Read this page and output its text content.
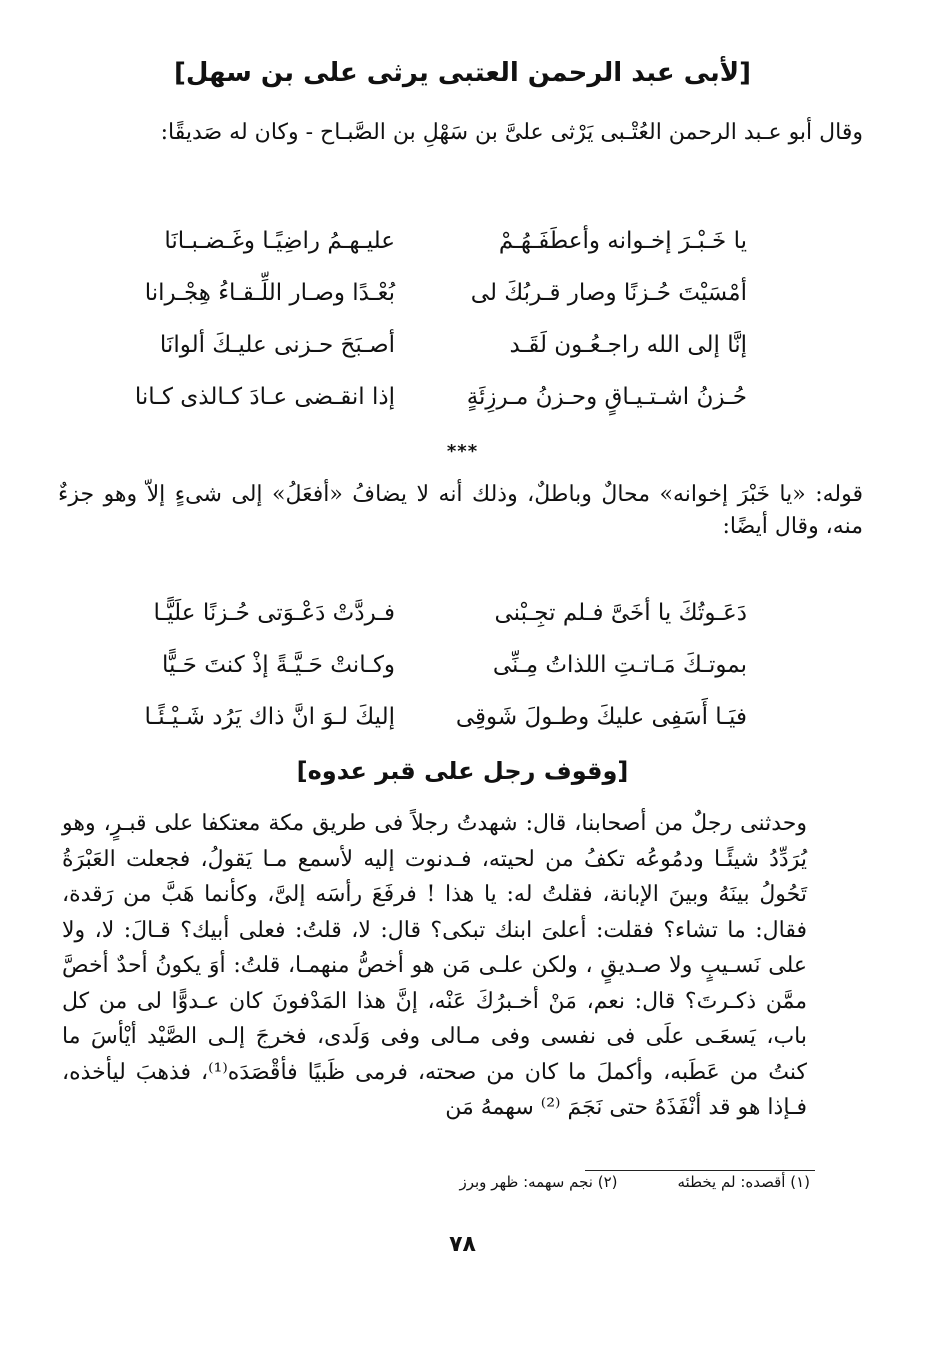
[لأبى عبد الرحمن العتبى يرثى على بن سهل]
وقال أبو عـبد الرحمن العُتْـبى يَرْثى علىَّ بن سَهْلِ بن الصَّبـاح - وكان له صَديقًا:
يا خَـبْـرَ إخـوانه وأعطَفَـهُـمْ
عليـهـمُ راضِيًـا وغَـضـبـانَا
أمْسَيْتَ حُـزنًا وصار قـربُكَ لى
بُعْـدًا وصـار اللِّـقـاءُ هِجْـرانا
إنَّا إلى الله راجـعُـون لَقَـد
أصـبَحَ حـزنى عليـكَ ألوانَا
حُـزنُ اشـتـيـاقٍ وحـزنُ مـرزِئَةٍ
إذا انقـضى عـادَ كـالذى كـانا
***
قوله: «يا خَبْرَ إخوانه» محالٌ وباطلٌ، وذلك أنه لا يضافُ «أفعَلُ» إلى شىءٍ إلاّ وهو جزءٌ منه، وقال أيضًا:
دَعَـوتُكَ يا أخَىَّ فـلم تجِـبْنى
فـردَّتْ دَعْـوَتى حُـزنًا علَيًّـا
بموتـكَ مَـاتـتِ اللذاتُ مِـنِّى
وكـانتْ حَـيَّـةً إذْ كنتَ حَـيًّا
فيَـا أَسَفِى عليكَ وطـولَ شَوقِى
إليكَ لـوَ انَّ ذاك يَرُد شَـيْـئًـا
[وقوف رجل على قبر عدوه]

وحدثنى رجلٌ من أصحابنا، قال: شهدتُ رجلاً فى طريق مكة معتكفا على قبـرٍ، وهو يُرَدِّدُ شيئًـا ودمُوعُه تكفُ من لحيته، فـدنوت إليه لأسمع مـا يَقولُ، فجعلت العَبْرَةُ تَحُولُ بينَهُ وبينَ الإبانة، فقلتُ له: يا هذا ! فرفَعَ رأسَه إلىَّ، وكأنما هَبَّ من رَقدة، فقال: ما تشاء؟ فقلت: أعلىَ ابنك تبكى؟ قال: لا، قلتُ: فعلى أبيك؟ قـالَ: لا، ولا على نَسـيبٍ ولا صـديقٍ ، ولكن علـى مَن هو أخصُّ منهمـا، قلتُ: أوَ يكونُ أحدٌ أخصَّ ممَّن ذكـرتَ؟ قال: نعم، مَنْ أخـبرُكَ عَنْه، إنَّ هذا المَدْفونَ كان عـدوًّا لى من كل باب، يَسعَـى علَى فى نفسى وفى مـالى وفى وَلَدى، فخرجَ إلـى الصَّيْد أيْأسَ ما كنتُ من عَطَبه، وأكملَ ما كان من صحته، فرمى ظَبيًا فأقْصَدَه⁽¹⁾، فذهبَ ليأخذه، فـإذا هو قد أنْفَذَهُ حتى نَجَمَ ⁽²⁾ سهمهُ مَن

(١) أقصده: لم يخطئه
(٢) نجم سهمه: ظهر وبرز
٧٨
